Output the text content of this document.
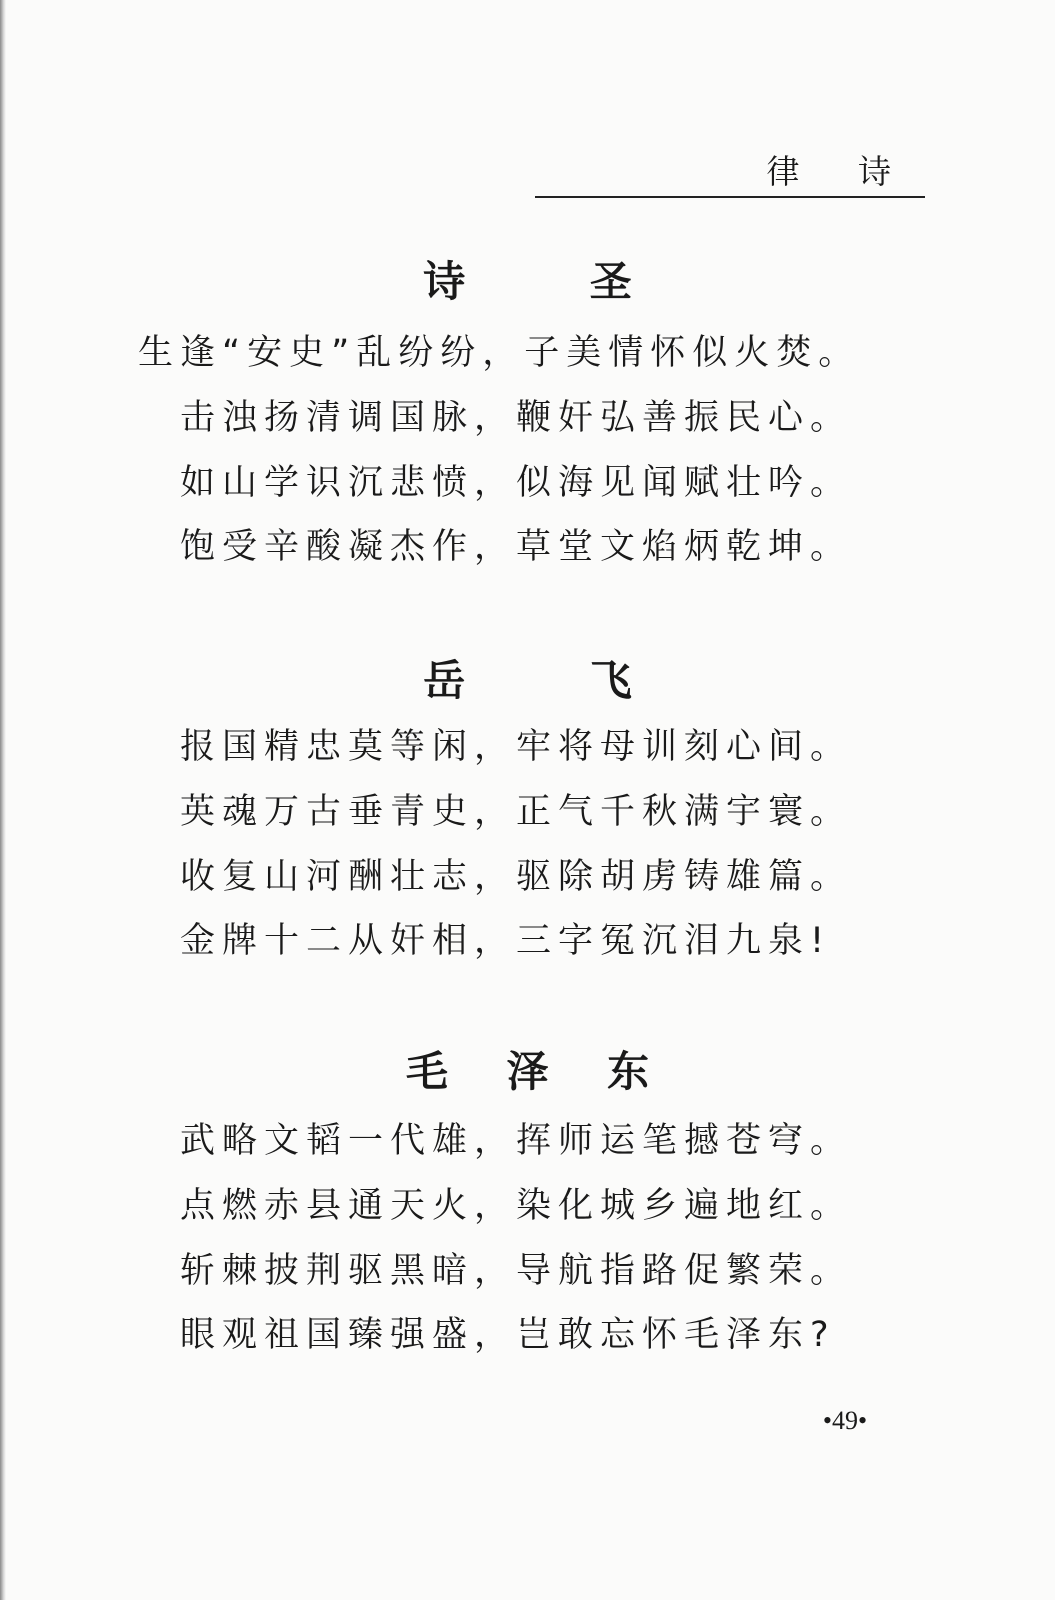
律 诗
诗 圣
生逢“安史”乱纷纷，子美情怀似火焚。
击浊扬清调国脉，鞭奸弘善振民心。
如山学识沉悲愤，似海见闻赋壮吟。
饱受辛酸凝杰作，草堂文焰炳乾坤。
岳 飞
报国精忠莫等闲，牢将母训刻心间。
英魂万古垂青史，正气千秋满宇寰。
收复山河酬壮志，驱除胡虏铸雄篇。
金牌十二从奸相，三字冤沉泪九泉!
毛 泽 东
武略文韬一代雄，挥师运笔撼苍穹。
点燃赤县通天火，染化城乡遍地红。
斩棘披荆驱黑暗，导航指路促繁荣。
眼观祖国臻强盛，岂敢忘怀毛泽东?
•49•
